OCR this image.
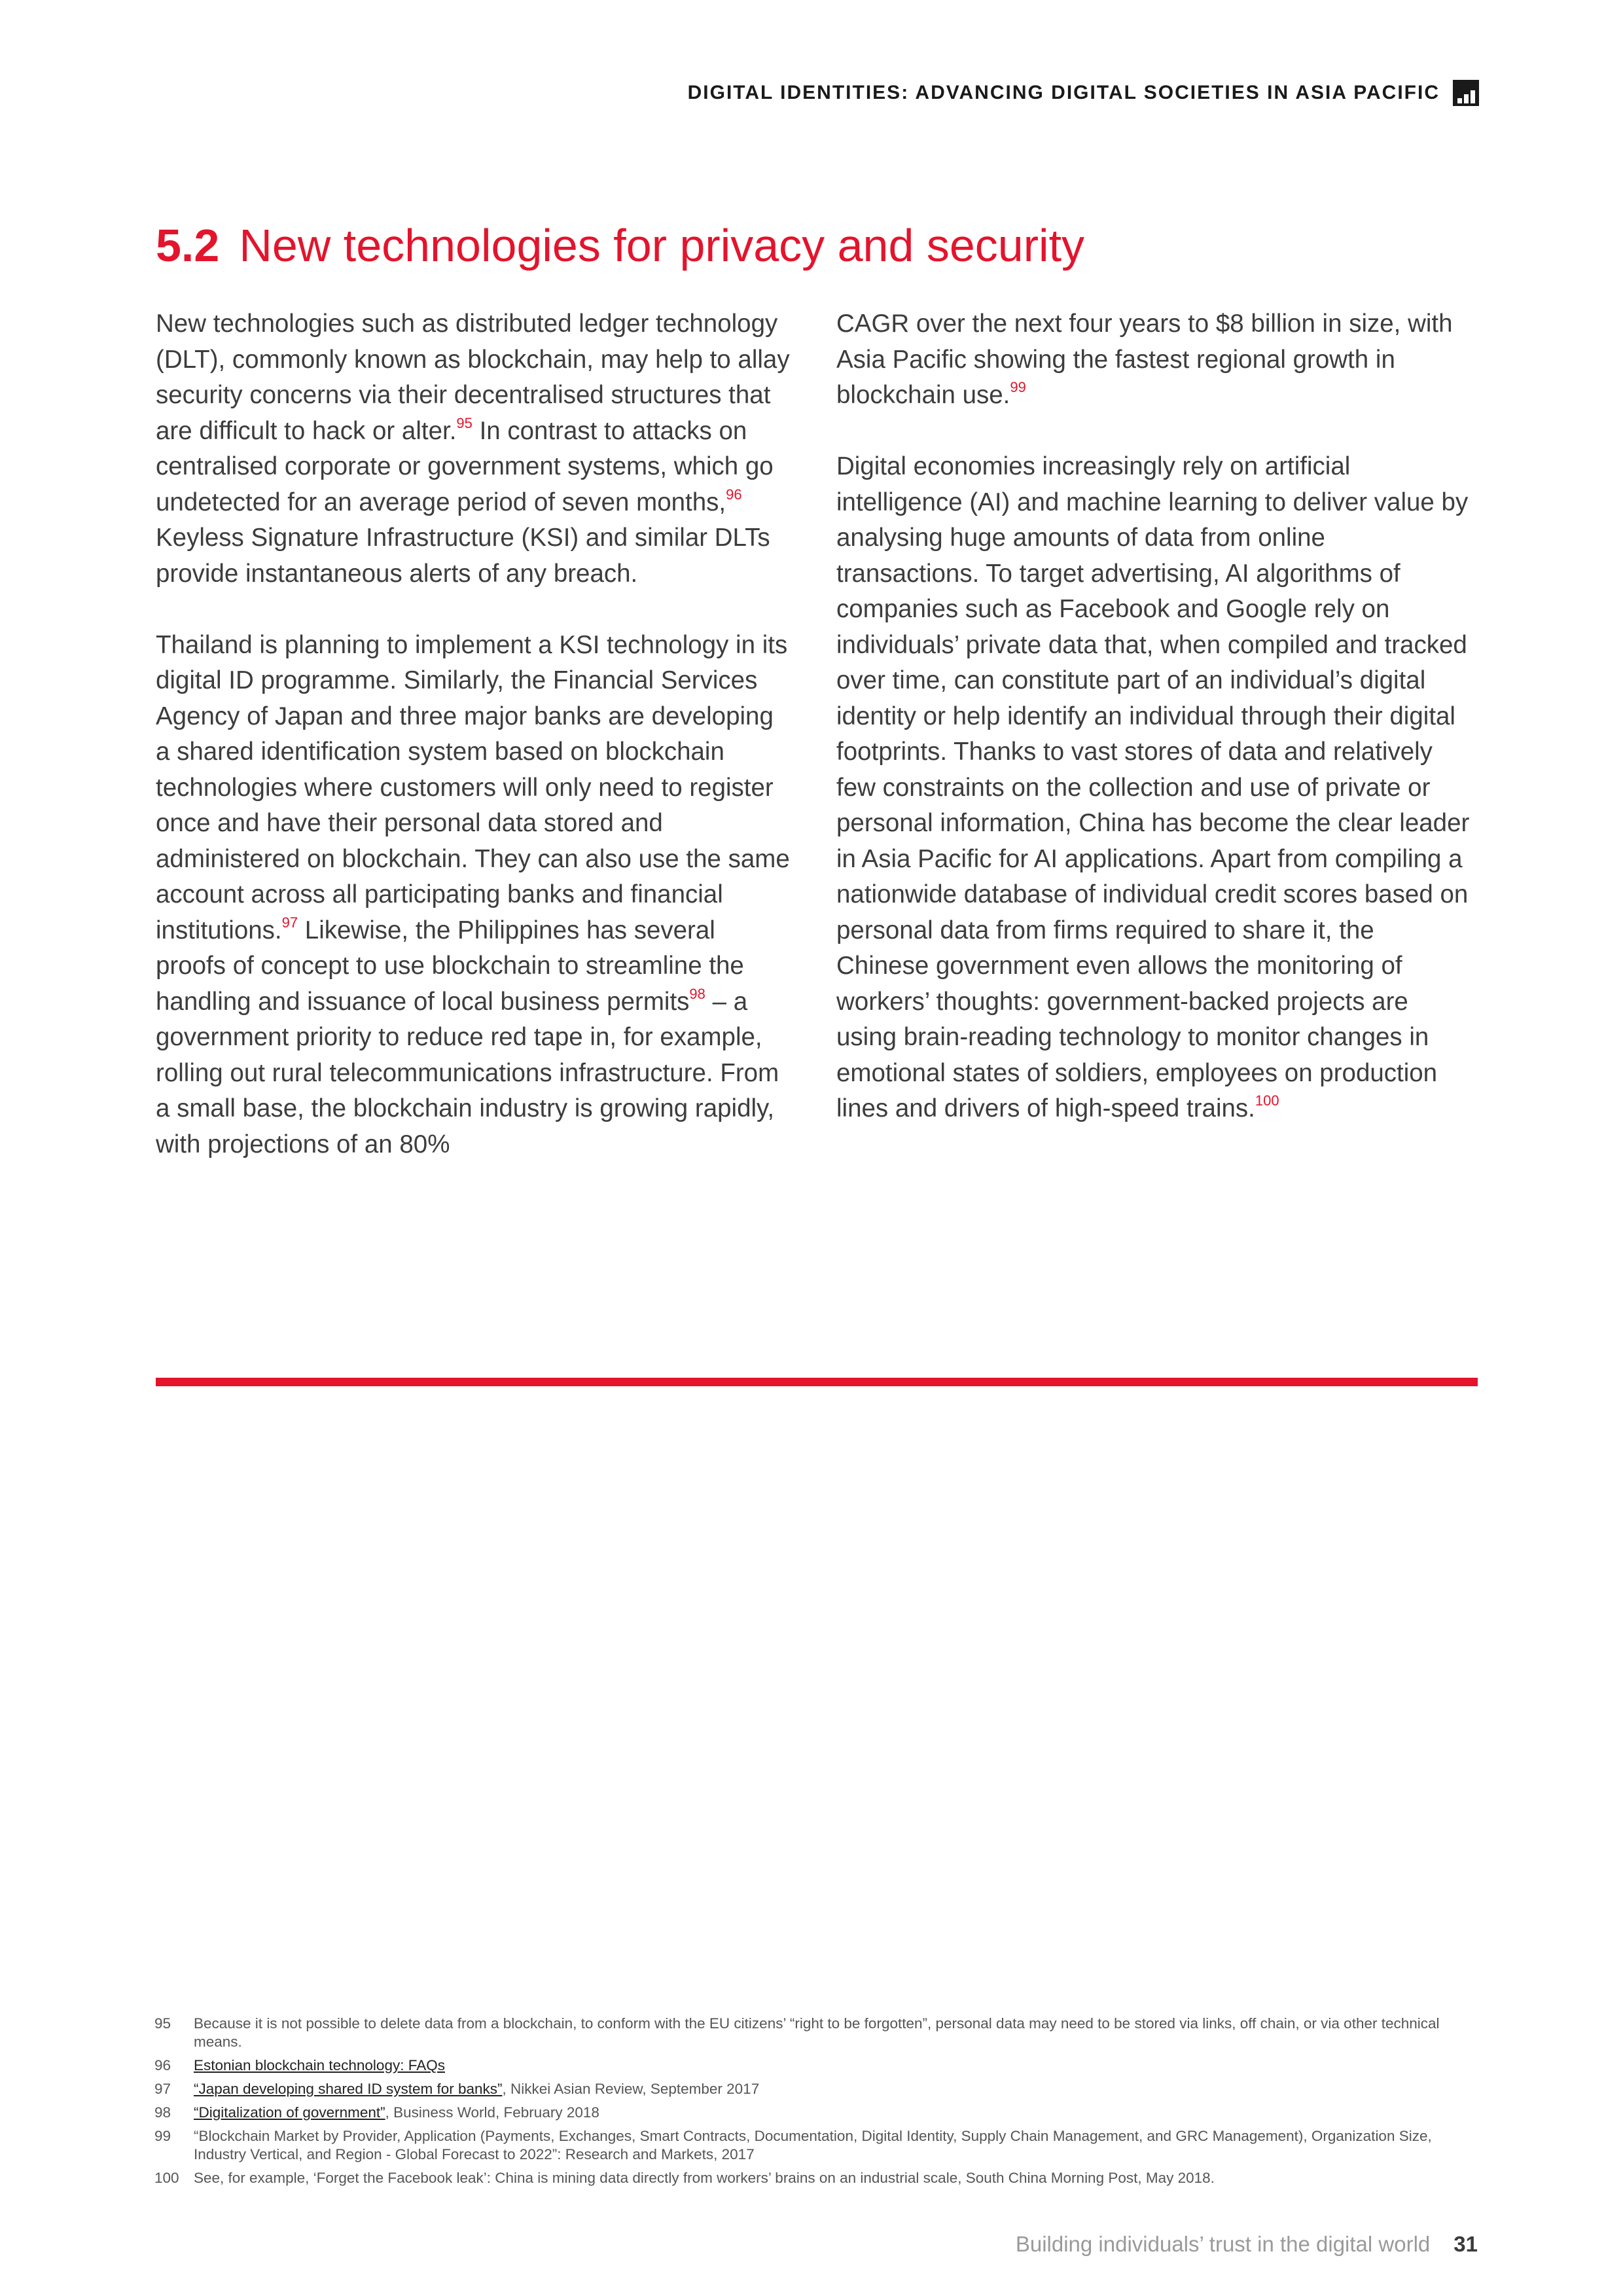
DIGITAL IDENTITIES: ADVANCING DIGITAL SOCIETIES IN ASIA PACIFIC
5.2 New technologies for privacy and security

New technologies such as distributed ledger technology (DLT), commonly known as blockchain, may help to allay security concerns via their decentralised structures that are difficult to hack or alter.$^{95}$ In contrast to attacks on centralised corporate or government systems, which go undetected for an average period of seven months,$^{96}$ Keyless Signature Infrastructure (KSI) and similar DLTs provide instantaneous alerts of any breach.

Thailand is planning to implement a KSI technology in its digital ID programme. Similarly, the Financial Services Agency of Japan and three major banks are developing a shared identification system based on blockchain technologies where customers will only need to register once and have their personal data stored and administered on blockchain. They can also use the same account across all participating banks and financial institutions.$^{97}$ Likewise, the Philippines has several proofs of concept to use blockchain to streamline the handling and issuance of local business permits$^{98}$ – a government priority to reduce red tape in, for example, rolling out rural telecommunications infrastructure. From a small base, the blockchain industry is growing rapidly, with projections of an 80%

CAGR over the next four years to $8 billion in size, with Asia Pacific showing the fastest regional growth in blockchain use.$^{99}$

Digital economies increasingly rely on artificial intelligence (AI) and machine learning to deliver value by analysing huge amounts of data from online transactions. To target advertising, AI algorithms of companies such as Facebook and Google rely on individuals’ private data that, when compiled and tracked over time, can constitute part of an individual’s digital identity or help identify an individual through their digital footprints. Thanks to vast stores of data and relatively few constraints on the collection and use of private or personal information, China has become the clear leader in Asia Pacific for AI applications. Apart from compiling a nationwide database of individual credit scores based on personal data from firms required to share it, the Chinese government even allows the monitoring of workers’ thoughts: government-backed projects are using brain-reading technology to monitor changes in emotional states of soldiers, employees on production lines and drivers of high-speed trains.$^{100}$

95	Because it is not possible to delete data from a blockchain, to conform with the EU citizens’ “right to be forgotten”, personal data may need to be stored via links, off chain, or via other technical means.
96	Estonian blockchain technology: FAQs
97	“Japan developing shared ID system for banks”, Nikkei Asian Review, September 2017
98	“Digitalization of government”, Business World, February 2018
99	“Blockchain Market by Provider, Application (Payments, Exchanges, Smart Contracts, Documentation, Digital Identity, Supply Chain Management, and GRC Management), Organization Size, Industry Vertical, and Region - Global Forecast to 2022”: Research and Markets, 2017
100 See, for example, ‘Forget the Facebook leak’: China is mining data directly from workers’ brains on an industrial scale, South China Morning Post, May 2018.
Building individuals’ trust in the digital world 31
